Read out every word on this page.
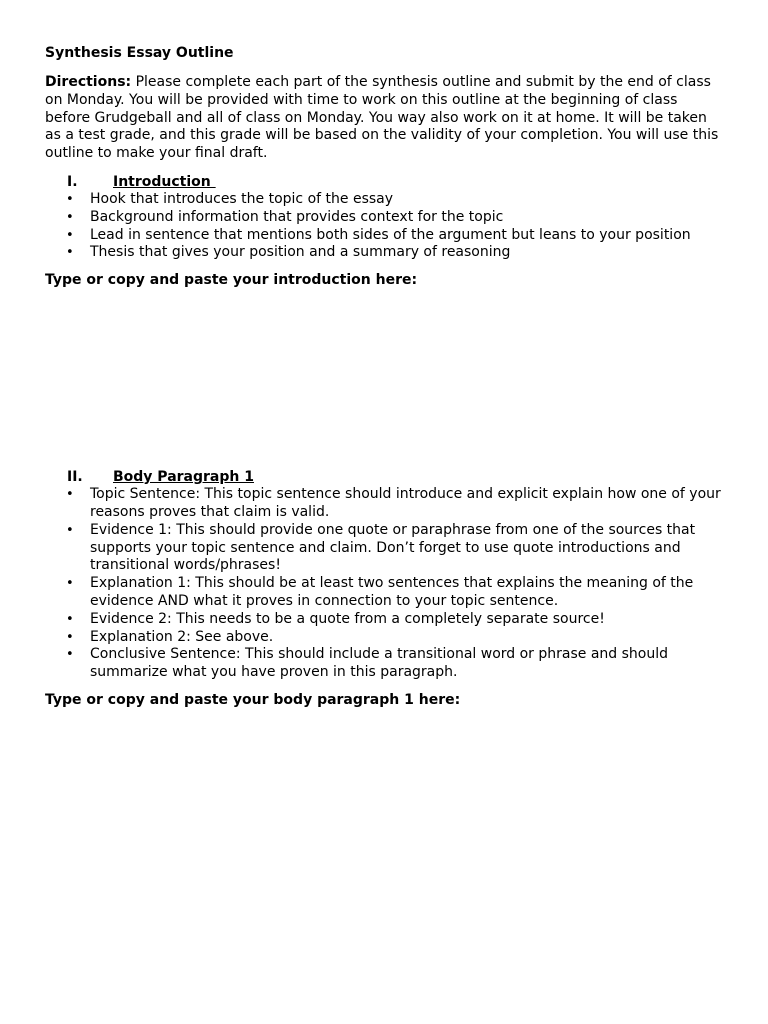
Synthesis Essay Outline

Directions: Please complete each part of the synthesis outline and submit by the end of class on Monday. You will be provided with time to work on this outline at the beginning of class before Grudgeball and all of class on Monday. You way also work on it at home. It will be taken as a test grade, and this grade will be based on the validity of your completion. You will use this outline to make your final draft.

I.	Introduction
• Hook that introduces the topic of the essay
• Background information that provides context for the topic
• Lead in sentence that mentions both sides of the argument but leans to your position
• Thesis that gives your position and a summary of reasoning

Type or copy and paste your introduction here:

II. Body Paragraph 1
• Topic Sentence: This topic sentence should introduce and explicit explain how one of your reasons proves that claim is valid.
• Evidence 1: This should provide one quote or paraphrase from one of the sources that supports your topic sentence and claim. Don’t forget to use quote introductions and transitional words/phrases!
• Explanation 1: This should be at least two sentences that explains the meaning of the evidence AND what it proves in connection to your topic sentence.
• Evidence 2: This needs to be a quote from a completely separate source!
• Explanation 2: See above.
• Conclusive Sentence: This should include a transitional word or phrase and should summarize what you have proven in this paragraph.

Type or copy and paste your body paragraph 1 here:
